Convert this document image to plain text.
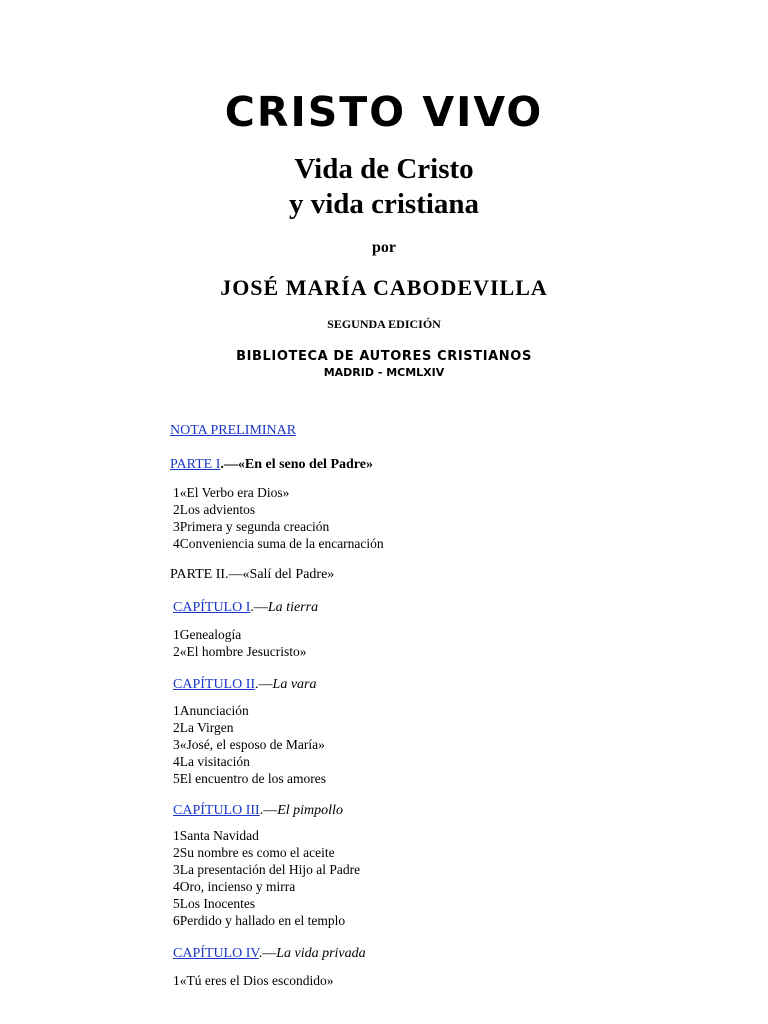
CRISTO VIVO
Vida de Cristo
y vida cristiana
por
JOSÉ MARÍA CABODEVILLA
SEGUNDA EDICIÓN
BIBLIOTECA DE AUTORES CRISTIANOS
MADRID - MCMLXIV
NOTA PRELIMINAR
PARTE I.—«En el seno del Padre»
1«El Verbo era Dios»
2Los advientos
3Primera y segunda creación
4Conveniencia suma de la encarnación
PARTE II.—«Salí del Padre»
CAPÍTULO I.—La tierra
1Genealogía
2«El hombre Jesucristo»
CAPÍTULO II.—La vara
1Anunciación
2La Virgen
3«José, el esposo de María»
4La visitación
5El encuentro de los amores
CAPÍTULO III.—El pimpollo
1Santa Navidad
2Su nombre es como el aceite
3La presentación del Hijo al Padre
4Oro, incienso y mirra
5Los Inocentes
6Perdido y hallado en el templo
CAPÍTULO IV.—La vida privada
1«Tú eres el Dios escondido»
